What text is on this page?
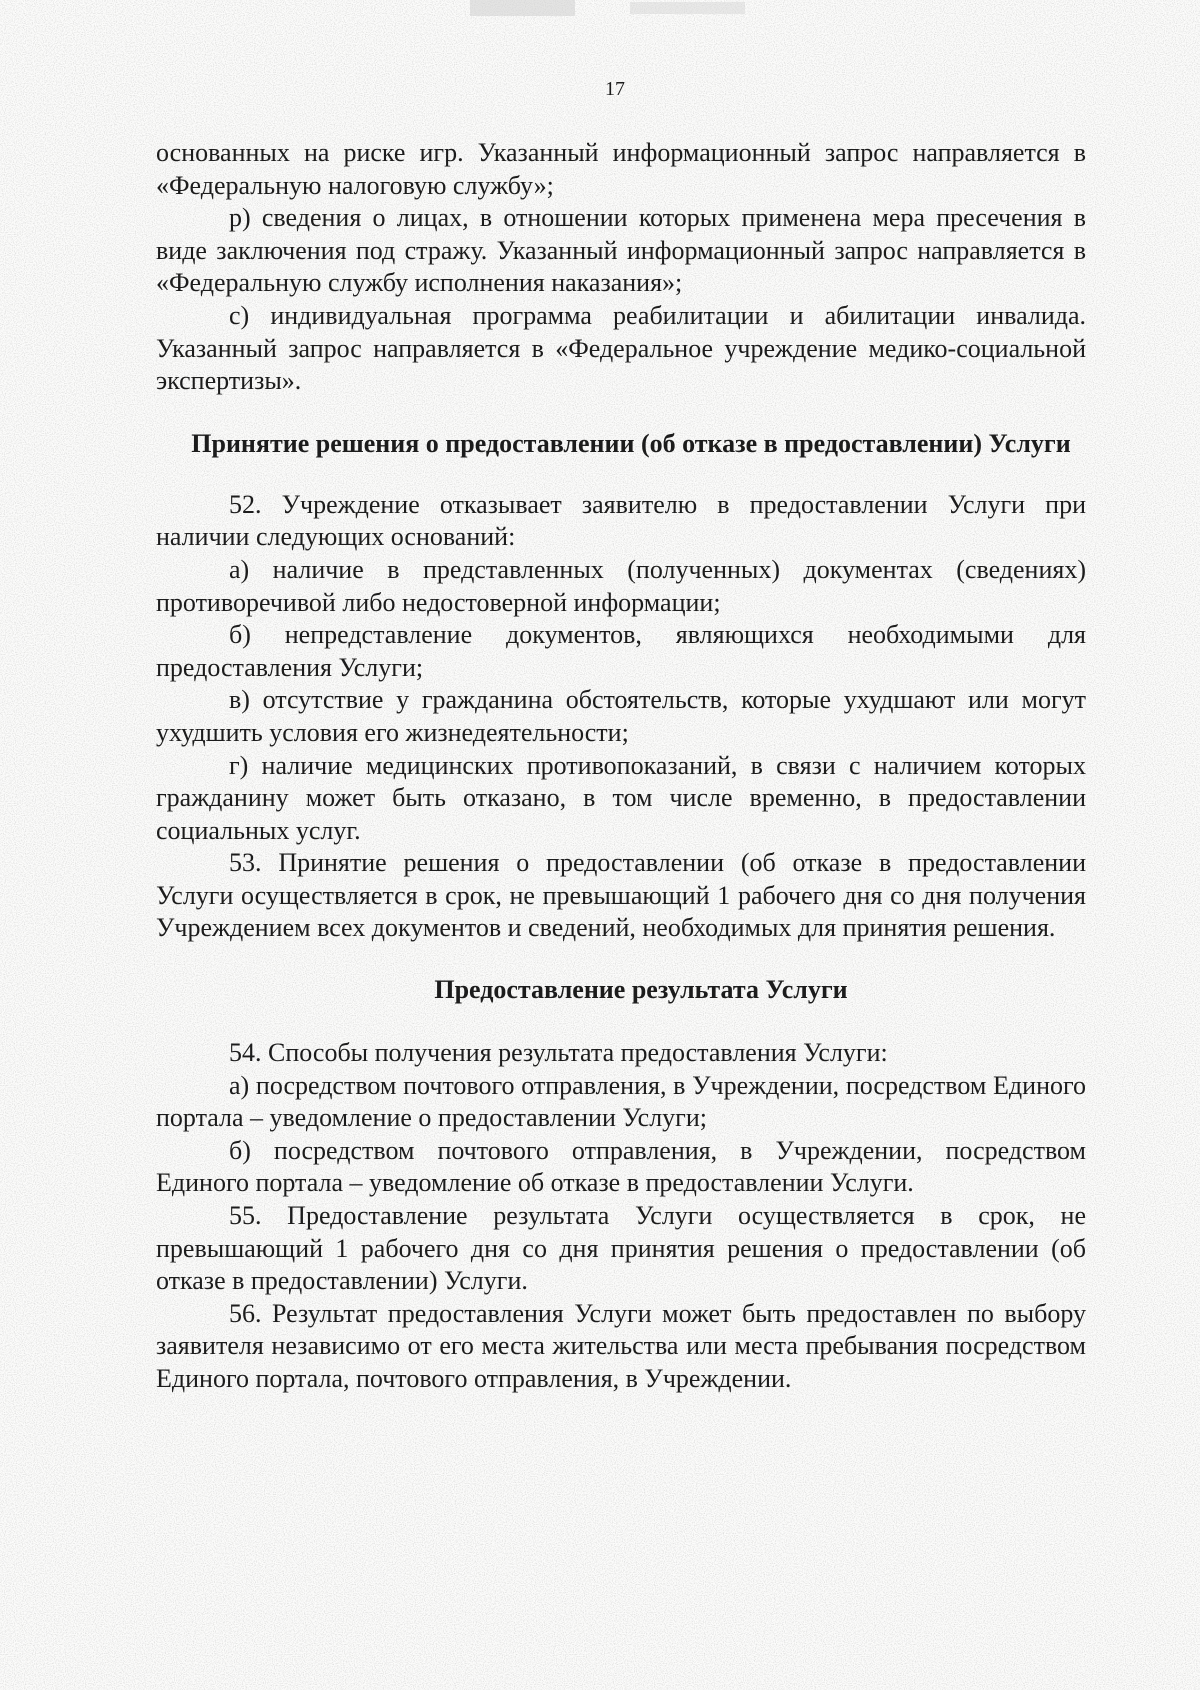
17

основанных на риске игр. Указанный информационный запрос направляется в «Федеральную налоговую службу»;

р) сведения о лицах, в отношении которых применена мера пресечения в виде заключения под стражу. Указанный информационный запрос направляется в «Федеральную службу исполнения наказания»;

с) индивидуальная программа реабилитации и абилитации инвалида. Указанный запрос направляется в «Федеральное учреждение медико-социальной экспертизы».

Принятие решения о предоставлении (об отказе в предоставлении) Услуги

52. Учреждение отказывает заявителю в предоставлении Услуги при наличии следующих оснований:

а) наличие в представленных (полученных) документах (сведениях) противоречивой либо недостоверной информации;

б) непредставление документов, являющихся необходимыми для предоставления Услуги;

в) отсутствие у гражданина обстоятельств, которые ухудшают или могут ухудшить условия его жизнедеятельности;

г) наличие медицинских противопоказаний, в связи с наличием которых гражданину может быть отказано, в том числе временно, в предоставлении социальных услуг.

53. Принятие решения о предоставлении (об отказе в предоставлении Услуги осуществляется в срок, не превышающий 1 рабочего дня со дня получения Учреждением всех документов и сведений, необходимых для принятия решения.

Предоставление результата Услуги

54. Способы получения результата предоставления Услуги:

а) посредством почтового отправления, в Учреждении, посредством Единого портала – уведомление о предоставлении Услуги;

б) посредством почтового отправления, в Учреждении, посредством Единого портала – уведомление об отказе в предоставлении Услуги.

55. Предоставление результата Услуги осуществляется в срок, не превышающий 1 рабочего дня со дня принятия решения о предоставлении (об отказе в предоставлении) Услуги.

56. Результат предоставления Услуги может быть предоставлен по выбору заявителя независимо от его места жительства или места пребывания посредством Единого портала, почтового отправления, в Учреждении.
